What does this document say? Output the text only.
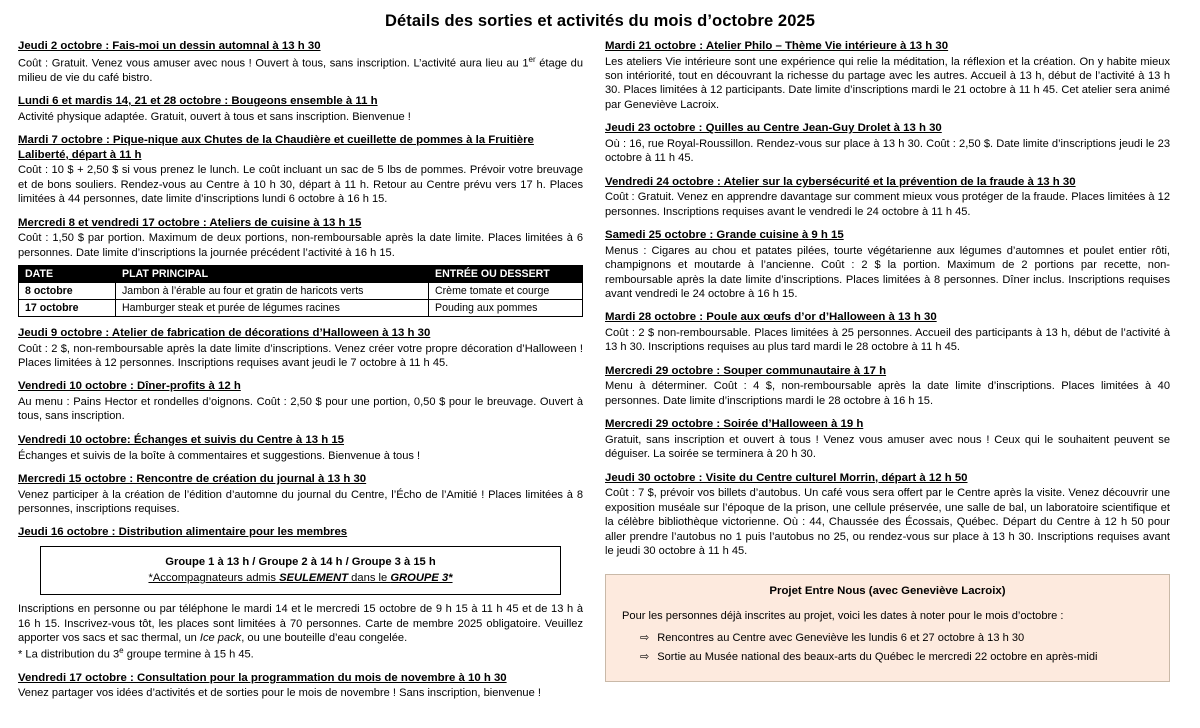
Détails des sorties et activités du mois d’octobre 2025
Jeudi 2 octobre : Fais-moi un dessin automnal à 13 h 30

Coût : Gratuit. Venez vous amuser avec nous ! Ouvert à tous, sans inscription. L’activité aura lieu au 1er étage du milieu de vie du café bistro.

Lundi 6 et mardis 14, 21 et 28 octobre : Bougeons ensemble à 11 h
Activité physique adaptée. Gratuit, ouvert à tous et sans inscription. Bienvenue !
Mardi 7 octobre : Pique-nique aux Chutes de la Chaudière et cueillette de pommes à la Fruitière Laliberté, départ à 11 h
Coût : 10 $ + 2,50 $ si vous prenez le lunch. Le coût incluant un sac de 5 lbs de pommes. Prévoir votre breuvage et de bons souliers. Rendez-vous au Centre à 10 h 30, départ à 11 h. Retour au Centre prévu vers 17 h. Places limitées à 44 personnes, date limite d’inscriptions lundi 6 octobre à 16 h 15.
Mercredi 8 et vendredi 17 octobre : Ateliers de cuisine à 13 h 15
Coût : 1,50 $ par portion. Maximum de deux portions, non-remboursable après la date limite. Places limitées à 6 personnes. Date limite d’inscriptions la journée précédent l’activité à 16 h 15.
DATE	PLAT PRINCIPAL	ENTRÉE OU DESSERT
8 octobre	Jambon à l’érable au four et gratin de haricots verts	Crème tomate et courge
17 octobre	Hamburger steak et purée de légumes racines	Pouding aux pommes
Jeudi 9 octobre : Atelier de fabrication de décorations d’Halloween à 13 h 30
Coût : 2 $, non-remboursable après la date limite d’inscriptions. Venez créer votre propre décoration d’Halloween ! Places limitées à 12 personnes. Inscriptions requises avant jeudi le 7 octobre à 11 h 45.
Vendredi 10 octobre : Dîner-profits à 12 h
Au menu : Pains Hector et rondelles d’oignons. Coût : 2,50 $ pour une portion, 0,50 $ pour le breuvage. Ouvert à tous, sans inscription.
Vendredi 10 octobre: Échanges et suivis du Centre à 13 h 15
Échanges et suivis de la boîte à commentaires et suggestions. Bienvenue à tous !
Mercredi 15 octobre : Rencontre de création du journal à 13 h 30
Venez participer à la création de l’édition d’automne du journal du Centre, l’Écho de l’Amitié ! Places limitées à 8 personnes, inscriptions requises.
Jeudi 16 octobre : Distribution alimentaire pour les membres
Groupe 1 à 13 h / Groupe 2 à 14 h / Groupe 3 à 15 h
*Accompagnateurs admis SEULEMENT dans le GROUPE 3*

Inscriptions en personne ou par téléphone le mardi 14 et le mercredi 15 octobre de 9 h 15 à 11 h 45 et de 13 h à 16 h 15. Inscrivez-vous tôt, les places sont limitées à 70 personnes. Carte de membre 2025 obligatoire. Veuillez apporter vos sacs et sac thermal, un Ice pack, ou une bouteille d’eau congelée.

* La distribution du 3e groupe termine à 15 h 45.

Vendredi 17 octobre : Consultation pour la programmation du mois de novembre à 10 h 30
Venez partager vos idées d’activités et de sorties pour le mois de novembre ! Sans inscription, bienvenue !
Mardi 21 octobre : Atelier Philo – Thème Vie intérieure à 13 h 30
Les ateliers Vie intérieure sont une expérience qui relie la méditation, la réflexion et la création. On y habite mieux son intériorité, tout en découvrant la richesse du partage avec les autres. Accueil à 13 h, début de l’activité à 13 h 30. Places limitées à 12 participants. Date limite d’inscriptions mardi le 21 octobre à 11 h 45. Cet atelier sera animé par Geneviève Lacroix.
Jeudi 23 octobre : Quilles au Centre Jean-Guy Drolet à 13 h 30
Où : 16, rue Royal-Roussillon. Rendez-vous sur place à 13 h 30. Coût : 2,50 $. Date limite d’inscriptions jeudi le 23 octobre à 11 h 45.
Vendredi 24 octobre : Atelier sur la cybersécurité et la prévention de la fraude à 13 h 30
Coût : Gratuit. Venez en apprendre davantage sur comment mieux vous protéger de la fraude. Places limitées à 12 personnes. Inscriptions requises avant le vendredi le 24 octobre à 11 h 45.
Samedi 25 octobre : Grande cuisine à 9 h 15
Menus : Cigares au chou et patates pilées, tourte végétarienne aux légumes d’automnes et poulet entier rôti, champignons et moutarde à l’ancienne. Coût : 2 $ la portion. Maximum de 2 portions par recette, non-remboursable après la date limite d’inscriptions. Places limitées à 8 personnes. Dîner inclus. Inscriptions requises avant vendredi le 24 octobre à 16 h 15.
Mardi 28 octobre : Poule aux œufs d’or d’Halloween à 13 h 30
Coût : 2 $ non-remboursable. Places limitées à 25 personnes. Accueil des participants à 13 h, début de l’activité à 13 h 30. Inscriptions requises au plus tard mardi le 28 octobre à 11 h 45.
Mercredi 29 octobre : Souper communautaire à 17 h
Menu à déterminer. Coût : 4 $, non-remboursable après la date limite d’inscriptions. Places limitées à 40 personnes. Date limite d’inscriptions mardi le 28 octobre à 16 h 15.
Mercredi 29 octobre : Soirée d’Halloween à 19 h
Gratuit, sans inscription et ouvert à tous ! Venez vous amuser avec nous ! Ceux qui le souhaitent peuvent se déguiser. La soirée se terminera à 20 h 30.
Jeudi 30 octobre : Visite du Centre culturel Morrin, départ à 12 h 50
Coût : 7 $, prévoir vos billets d’autobus. Un café vous sera offert par le Centre après la visite. Venez découvrir une exposition muséale sur l’époque de la prison, une cellule préservée, une salle de bal, un laboratoire scientifique et la célèbre bibliothèque victorienne. Où : 44, Chaussée des Écossais, Québec. Départ du Centre à 12 h 50 pour aller prendre l’autobus no 1 puis l’autobus no 25, ou rendez-vous sur place à 13 h 30. Inscriptions requises avant le jeudi 30 octobre à 11 h 45.
Projet Entre Nous (avec Geneviève Lacroix)
Pour les personnes déjà inscrites au projet, voici les dates à noter pour le mois d’octobre :
⇨ Rencontres au Centre avec Geneviève les lundis 6 et 27 octobre à 13 h 30
⇨ Sortie au Musée national des beaux-arts du Québec le mercredi 22 octobre en après-midi
